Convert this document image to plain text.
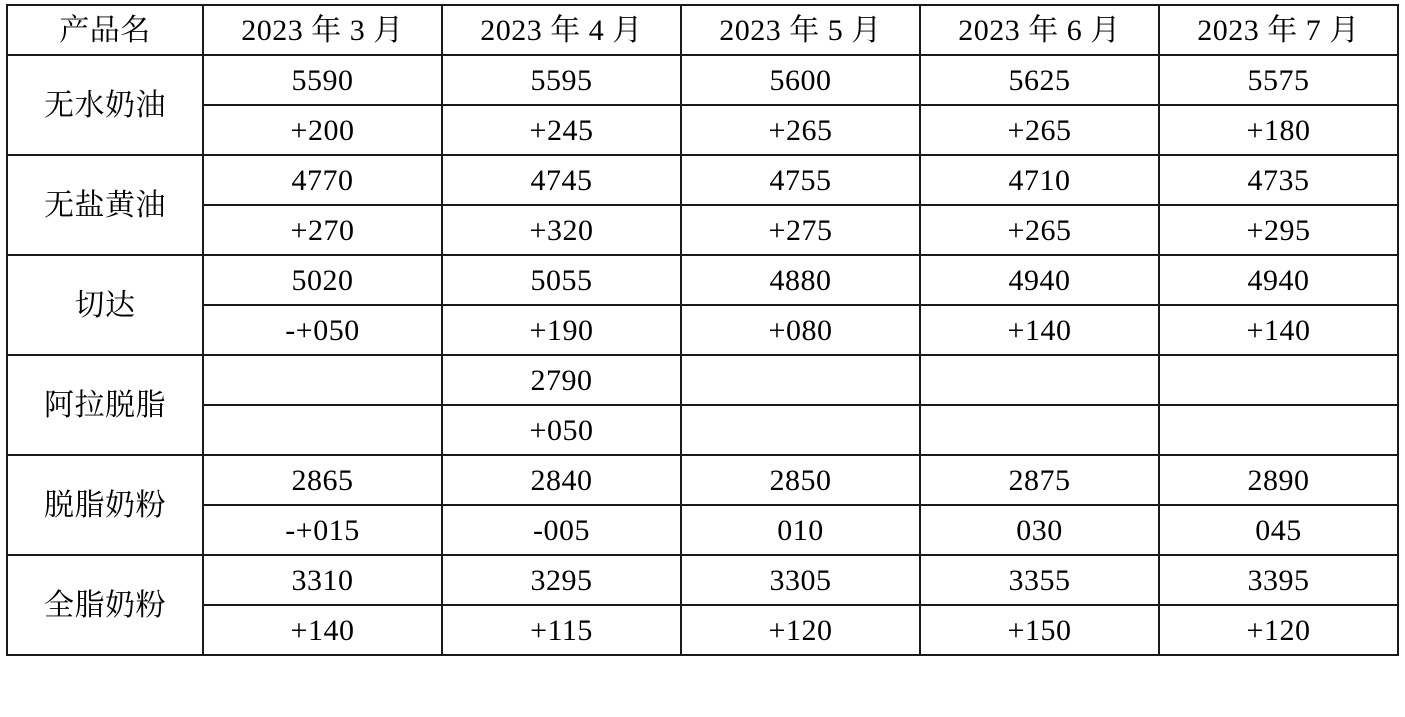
产品名	2023 年 3 月	2023 年 4 月	2023 年 5 月	2023 年 6 月	2023 年 7 月
无水奶油	5590	5595	5600	5625	5575
	+200	+245	+265	+265	+180
无盐黄油	4770	4745	4755	4710	4735
	+270	+320	+275	+265	+295
切达	5020	5055	4880	4940	4940
	-+050	+190	+080	+140	+140
阿拉脱脂		2790			
		+050			
脱脂奶粉	2865	2840	2850	2875	2890
	-+015	-005	010	030	045
全脂奶粉	3310	3295	3305	3355	3395
	+140	+115	+120	+150	+120
